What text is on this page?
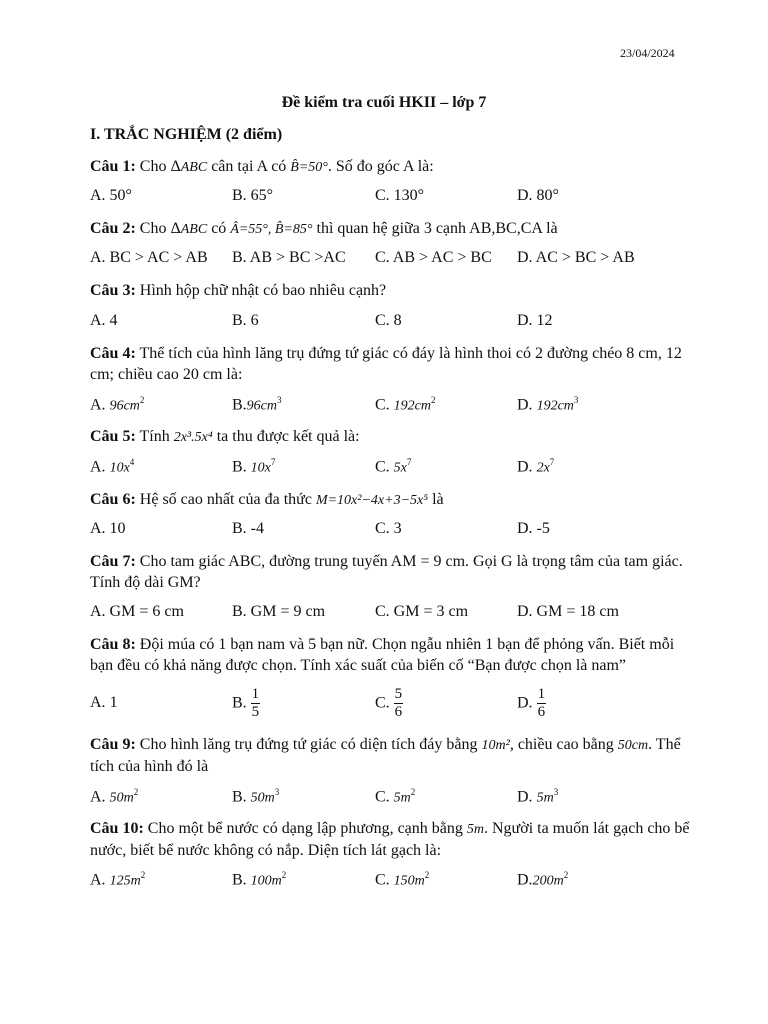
23/04/2024
Đề kiểm tra cuối HKII – lớp 7
I. TRẮC NGHIỆM (2 điểm)
Câu 1: Cho ΔABC cân tại A có B̂=50°. Số đo góc A là:
A. 50°	B. 65°	C. 130°	D. 80°
Câu 2: Cho ΔABC có Â=55°, B̂=85° thì quan hệ giữa 3 cạnh AB,BC,CA là
A. BC > AC > AB B. AB > BC >AC C. AB > AC > BC D. AC > BC > AB
Câu 3: Hình hộp chữ nhật có bao nhiêu cạnh?
A. 4	B. 6	C. 8	D. 12
Câu 4: Thể tích của hình lăng trụ đứng tứ giác có đáy là hình thoi có 2 đường chéo 8 cm, 12 cm; chiều cao 20 cm là:
A. $96cm^2$	$B.96cm^3$	C. $192cm^2$	D. $192cm^3$
Câu 5: Tính 2x³.5x⁴ ta thu được kết quả là:
A. $10x^4$	B. $10x^7$	C. $5x^7$	D. $2x^7$
Câu 6: Hệ số cao nhất của đa thức M=10x²−4x+3−5x⁵ là
A. 10	B. -4	C. 3	D. -5
Câu 7: Cho tam giác ABC, đường trung tuyến AM = 9 cm. Gọi G là trọng tâm của tam giác. Tính độ dài GM?
A. GM = 6 cm	B. GM = 9 cm	C. GM = 3 cm	D. GM = 18 cm
Câu 8: Đội múa có 1 bạn nam và 5 bạn nữ. Chọn ngẫu nhiên 1 bạn để phỏng vấn. Biết mỗi bạn đều có khả năng được chọn. Tính xác suất của biến cố “Bạn được chọn là nam”
A. 1	B. $\frac{1}{5}$	C. $\frac{5}{6}$	D. $\frac{1}{6}$
Câu 9: Cho hình lăng trụ đứng tứ giác có diện tích đáy bằng 10m², chiều cao bằng 50cm. Thể tích của hình đó là
A. $50m^2$	B. $50m^3$	C. $5m^2$	D. $5m^3$
Câu 10: Cho một bể nước có dạng lập phương, cạnh bằng 5m. Người ta muốn lát gạch cho bể nước, biết bể nước không có nắp. Diện tích lát gạch là:
A. $125m^2$	B. $100m^2$	C. $150m^2$	$D.200m^2$
